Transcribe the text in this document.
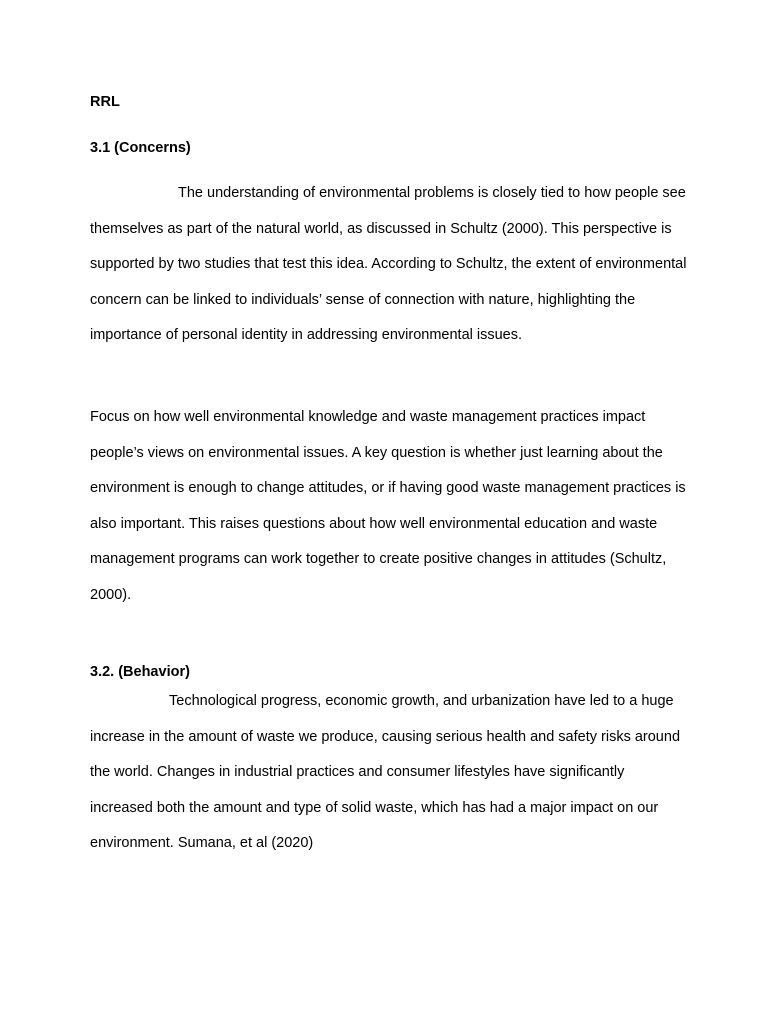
RRL
3.1 (Concerns)

The understanding of environmental problems is closely tied to how people see themselves as part of the natural world, as discussed in Schultz (2000). This perspective is supported by two studies that test this idea. According to Schultz, the extent of environmental concern can be linked to individuals’ sense of connection with nature, highlighting the importance of personal identity in addressing environmental issues.

Focus on how well environmental knowledge and waste management practices impact people’s views on environmental issues. A key question is whether just learning about the environment is enough to change attitudes, or if having good waste management practices is also important. This raises questions about how well environmental education and waste management programs can work together to create positive changes in attitudes (Schultz, 2000).

3.2. (Behavior)

Technological progress, economic growth, and urbanization have led to a huge increase in the amount of waste we produce, causing serious health and safety risks around the world. Changes in industrial practices and consumer lifestyles have significantly increased both the amount and type of solid waste, which has had a major impact on our environment. Sumana, et al (2020)
